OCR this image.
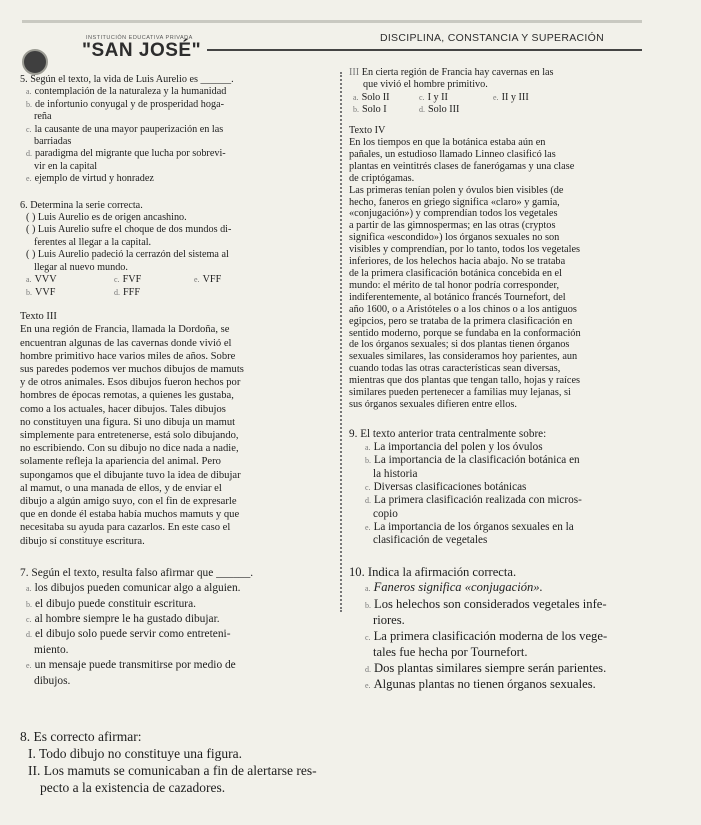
INSTITUCIÓN EDUCATIVA PRIVADA
"SAN JOSÉ"
DISCIPLINA, CONSTANCIA Y SUPERACIÓN

5. Según el texto, la vida de Luis Aurelio es ______.

a. contemplación de la naturaleza y la humanidad

b. de infortunio conyugal y de prosperidad hoga-
reña

c. la causante de una mayor pauperización en las
barriadas

d. paradigma del migrante que lucha por sobrevi-
vir en la capital

e. ejemplo de virtud y honradez

6. Determina la serie correcta.

( ) Luis Aurelio es de origen ancashino.

( ) Luis Aurelio sufre el choque de dos mundos di-
ferentes al llegar a la capital.

( ) Luis Aurelio padeció la cerrazón del sistema al
llegar al nuevo mundo.

a. VVV	c. FVF	e. VFF
b. VVF	d. FFF

Texto III

En una región de Francia, llamada la Dordoña, se
encuentran algunas de las cavernas donde vivió el
hombre primitivo hace varios miles de años. Sobre
sus paredes podemos ver muchos dibujos de mamuts
y de otros animales. Esos dibujos fueron hechos por
hombres de épocas remotas, a quienes les gustaba,
como a los actuales, hacer dibujos. Tales dibujos
no constituyen una figura. Si uno dibuja un mamut
simplemente para entretenerse, está solo dibujando,
no escribiendo. Con su dibujo no dice nada a nadie,
solamente refleja la apariencia del animal. Pero
supongamos que el dibujante tuvo la idea de dibujar
al mamut, o una manada de ellos, y de enviar el
dibujo a algún amigo suyo, con el fin de expresarle
que en donde él estaba había muchos mamuts y que
necesitaba su ayuda para cazarlos. En este caso el
dibujo sí constituye escritura.

7. Según el texto, resulta falso afirmar que ______.

a. los dibujos pueden comunicar algo a alguien.

b. el dibujo puede constituir escritura.

c. al hombre siempre le ha gustado dibujar.

d. el dibujo solo puede servir como entreteni-
miento.

e. un mensaje puede transmitirse por medio de
dibujos.

8. Es correcto afirmar:

I. Todo dibujo no constituye una figura.

II. Los mamuts se comunicaban a fin de alertarse res-
pecto a la existencia de cazadores.

III En cierta región de Francia hay cavernas en las

que vivió el hombre primitivo.

a. Solo II	c. I y II	e. II y III
b. Solo I	d. Solo III

Texto IV

En los tiempos en que la botánica estaba aún en
pañales, un estudioso llamado Linneo clasificó las
plantas en veintitrés clases de fanerógamas y una clase
de criptógamas.
Las primeras tenían polen y óvulos bien visibles (de
hecho, faneros en griego significa «claro» y gamia,
«conjugación») y comprendían todos los vegetales
a partir de las gimnospermas; en las otras (cryptos
significa «escondido») los órganos sexuales no son
visibles y comprendían, por lo tanto, todos los vegetales
inferiores, de los helechos hacia abajo. No se trataba
de la primera clasificación botánica concebida en el
mundo: el mérito de tal honor podría corresponder,
indiferentemente, al botánico francés Tournefort, del
año 1600, o a Aristóteles o a los chinos o a los antiguos
egipcios, pero se trataba de la primera clasificación en
sentido moderno, porque se fundaba en la conformación
de los órganos sexuales; si dos plantas tienen órganos
sexuales similares, las consideramos hoy parientes, aun
cuando todas las otras características sean diversas,
mientras que dos plantas que tengan tallo, hojas y raíces
similares pueden pertenecer a familias muy lejanas, si
sus órganos sexuales difieren entre ellos.

9. El texto anterior trata centralmente sobre:

a. La importancia del polen y los óvulos

b. La importancia de la clasificación botánica en
la historia

c. Diversas clasificaciones botánicas

d. La primera clasificación realizada con micros-
copio

e. La importancia de los órganos sexuales en la
clasificación de vegetales

10. Indica la afirmación correcta.

a. Faneros significa «conjugación».

b. Los helechos son considerados vegetales infe-
riores.

c. La primera clasificación moderna de los vege-
tales fue hecha por Tournefort.

d. Dos plantas similares siempre serán parientes.

e. Algunas plantas no tienen órganos sexuales.
